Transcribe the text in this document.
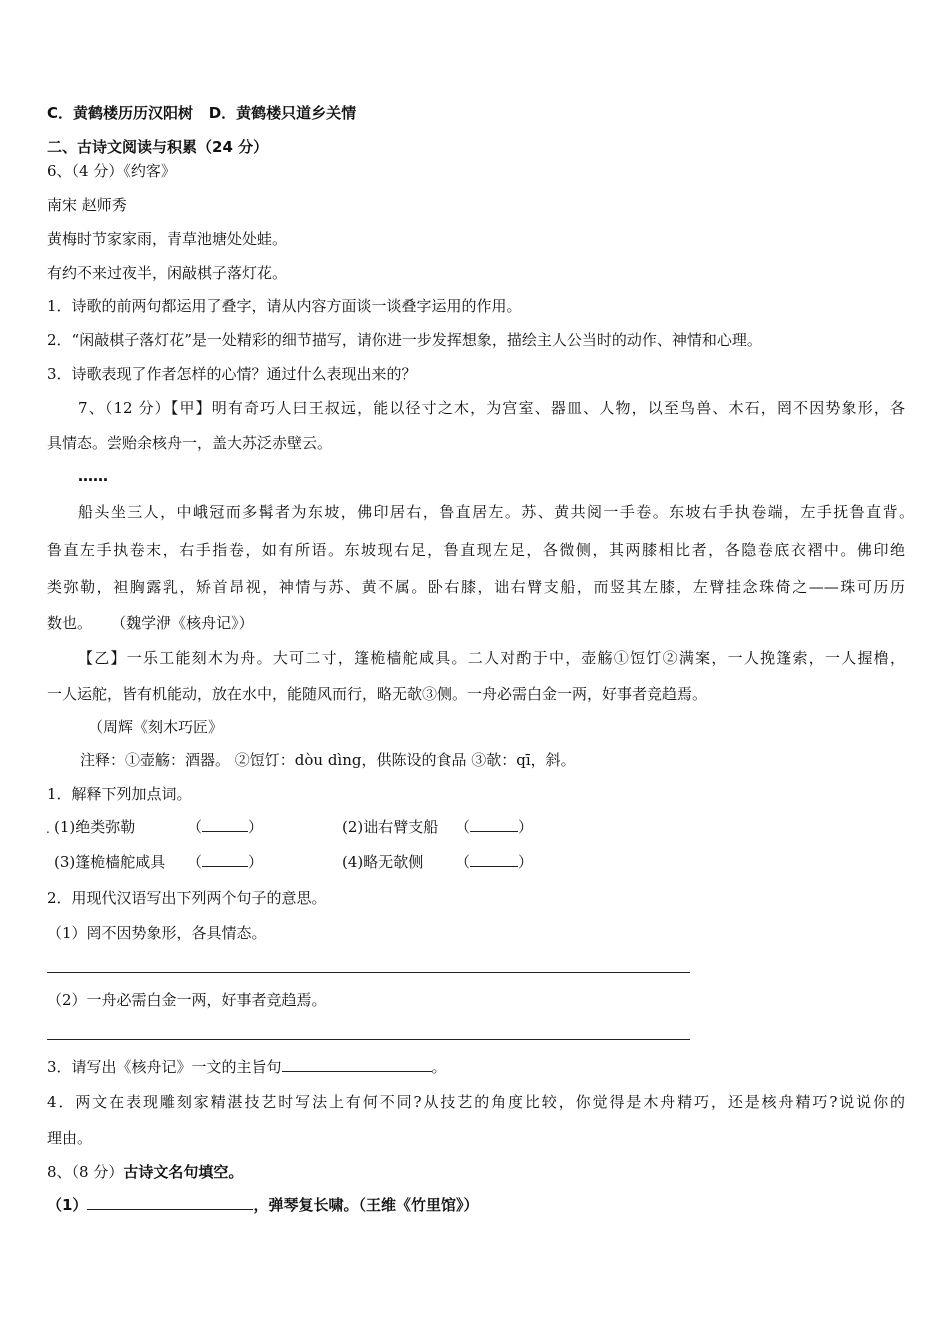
C．黄鹤楼历历汉阳树 D．黄鹤楼只道乡关情
二、古诗文阅读与积累（24 分）
6、（4 分）《约客》
南宋 赵师秀
黄梅时节家家雨，青草池塘处处蛙。
有约不来过夜半，闲敲棋子落灯花。
1．诗歌的前两句都运用了叠字，请从内容方面谈一谈叠字运用的作用。
2．“闲敲棋子落灯花”是一处精彩的细节描写，请你进一步发挥想象，描绘主人公当时的动作、神情和心理。
3．诗歌表现了作者怎样的心情？通过什么表现出来的？
7、（12 分）【甲】明有奇巧人曰王叔远，能以径寸之木，为宫室、器皿、人物，以至鸟兽、木石，罔不因势象形，各
具情态。尝贻余核舟一，盖大苏泛赤壁云。
……
船头坐三人，中峨冠而多髯者为东坡，佛印居右，鲁直居左。苏、黄共阅一手卷。东坡右手执卷端，左手抚鲁直背。
鲁直左手执卷末，右手指卷，如有所语。东坡现右足，鲁直现左足，各微侧，其两膝相比者，各隐卷底衣褶中。佛印绝
类弥勒，袒胸露乳，矫首昂视，神情与苏、黄不属。卧右膝，诎右臂支船，而竖其左膝，左臂挂念珠倚之——珠可历历
数也。    （魏学洢《核舟记》）
【乙】一乐工能刻木为舟。大可二寸，篷桅樯舵咸具。二人对酌于中，壶觞①饾饤②满案，一人挽篷索，一人握橹，
一人运舵，皆有机能动，放在水中，能随风而行，略无欹③侧。一舟必需白金一两，好事者竞趋焉。
（周辉《刻木巧匠》
注释：①壶觞：酒器。 ②饾饤：dòu dìng，供陈设的食品 ③欹：qī，斜。
1．解释下列加点词。
. (1)绝类弥勒	（	）	(2)诎右臂支船 （	）
(3)篷桅樯舵咸具 （	）	(4)略无欹侧 （	）
2．用现代汉语写出下列两个句子的意思。
（1）罔不因势象形，各具情态。
（2）一舟必需白金一两，好事者竞趋焉。
3．请写出《核舟记》一文的主旨句	。
4．两文在表现雕刻家精湛技艺时写法上有何不同?从技艺的角度比较，你觉得是木舟精巧，还是核舟精巧?说说你的
理由。
8、（8 分）古诗文名句填空。
（1）	，弹琴复长啸。（王维《竹里馆》）
